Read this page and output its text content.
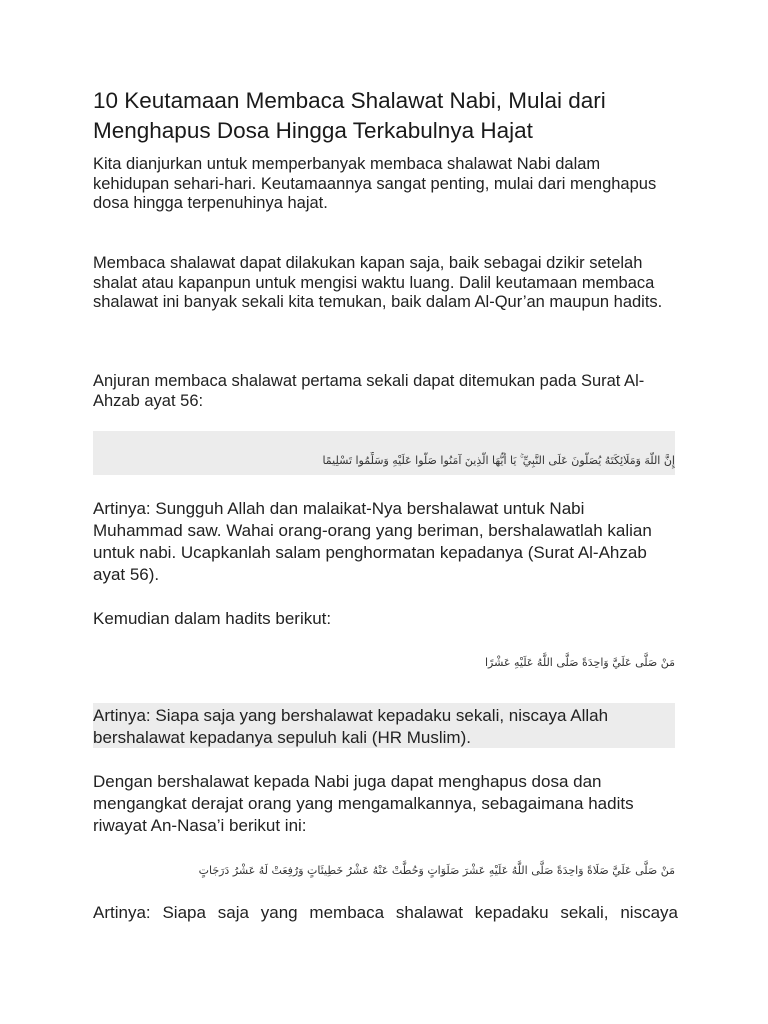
10 Keutamaan Membaca Shalawat Nabi, Mulai dari
Menghapus Dosa Hingga Terkabulnya Hajat

Kita dianjurkan untuk memperbanyak membaca shalawat Nabi dalam kehidupan sehari-hari. Keutamaannya sangat penting, mulai dari menghapus dosa hingga terpenuhinya hajat.

Membaca shalawat dapat dilakukan kapan saja, baik sebagai dzikir setelah shalat atau kapanpun untuk mengisi waktu luang. Dalil keutamaan membaca shalawat ini banyak sekali kita temukan, baik dalam Al-Qur’an maupun hadits.

Anjuran membaca shalawat pertama sekali dapat ditemukan pada Surat Al-Ahzab ayat 56:

إِنَّ اللَّهَ وَمَلَائِكَتَهُ يُصَلُّونَ عَلَى النَّبِيِّ ۚ يَا أَيُّهَا الَّذِينَ آمَنُوا صَلُّوا عَلَيْهِ وَسَلِّمُوا تَسْلِيمًا

Artinya: Sungguh Allah dan malaikat-Nya bershalawat untuk Nabi Muhammad saw. Wahai orang-orang yang beriman, bershalawatlah kalian untuk nabi. Ucapkanlah salam penghormatan kepadanya (Surat Al-Ahzab ayat 56).

Kemudian dalam hadits berikut:

مَنْ صَلَّى عَلَيَّ وَاحِدَةً صَلَّى اللَّهُ عَلَيْهِ عَشْرًا

Artinya: Siapa saja yang bershalawat kepadaku sekali, niscaya Allah bershalawat kepadanya sepuluh kali (HR Muslim).

Dengan bershalawat kepada Nabi juga dapat menghapus dosa dan mengangkat derajat orang yang mengamalkannya, sebagaimana hadits riwayat An-Nasa’i berikut ini:

مَنْ صَلَّى عَلَيَّ صَلَاةً وَاحِدَةً صَلَّى اللَّهُ عَلَيْهِ عَشْرَ صَلَوَاتٍ وَحُطَّتْ عَنْهُ عَشْرُ خَطِيئَاتٍ وَرُفِعَتْ لَهُ عَشْرُ دَرَجَاتٍ

Artinya: Siapa saja yang membaca shalawat kepadaku sekali, niscaya
